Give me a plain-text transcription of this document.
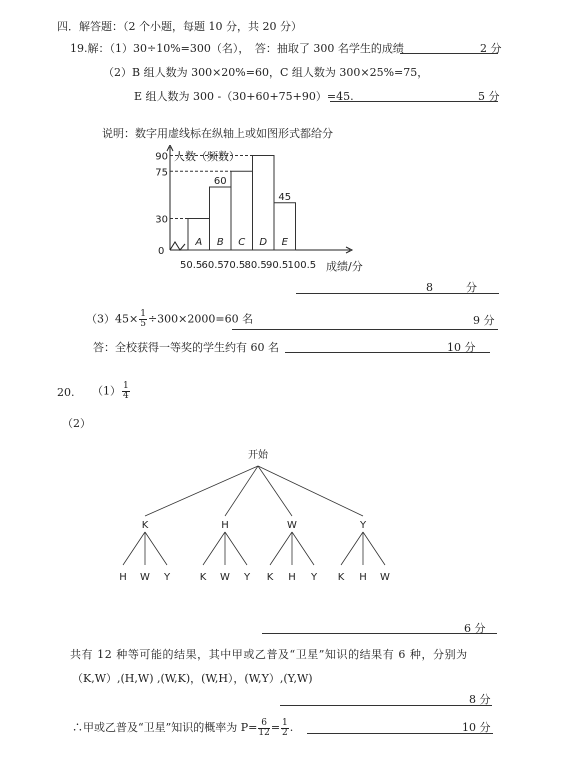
四．解答题：（2 个小题，每题 10 分，共 20 分）
19.解：（1）30÷10%=300（名），　答：抽取了 300 名学生的成绩	2 分
（2）B 组人数为 300×20%=60，C 组人数为 300×25%=75，
E 组人数为 300 -（30+60+75+90）=45.	5 分
说明：数字用虚线标在纵轴上或如图形式都给分
人数（频数）
成绩/分
0
50.5 60.5 70.5 80.5 90.5 100.5
A B
60
C D E
45
30
75
90
8　　　分
$(3)45\times \frac{1}{5} \div 300\times 2000=60$ 名	9 分
答：全校获得一等奖的学生约有 60 名	10 分
20. $(1) \frac{1}{4}$
（2）
开始
K
H W Y
H
K W Y
W
K H Y
Y
K H W
6 分
共有 12 种等可能的结果，其中甲或乙普及“卫星”知识的结果有 6 种，分别为
（K,W）,(H,W) ,(W,K)，(W,H），(W,Y）,(Y,W)
8 分
∴甲或乙普及“卫星”知识的概率为 $P= \frac{6}{12} = \frac{1}{2}$ .	10 分
